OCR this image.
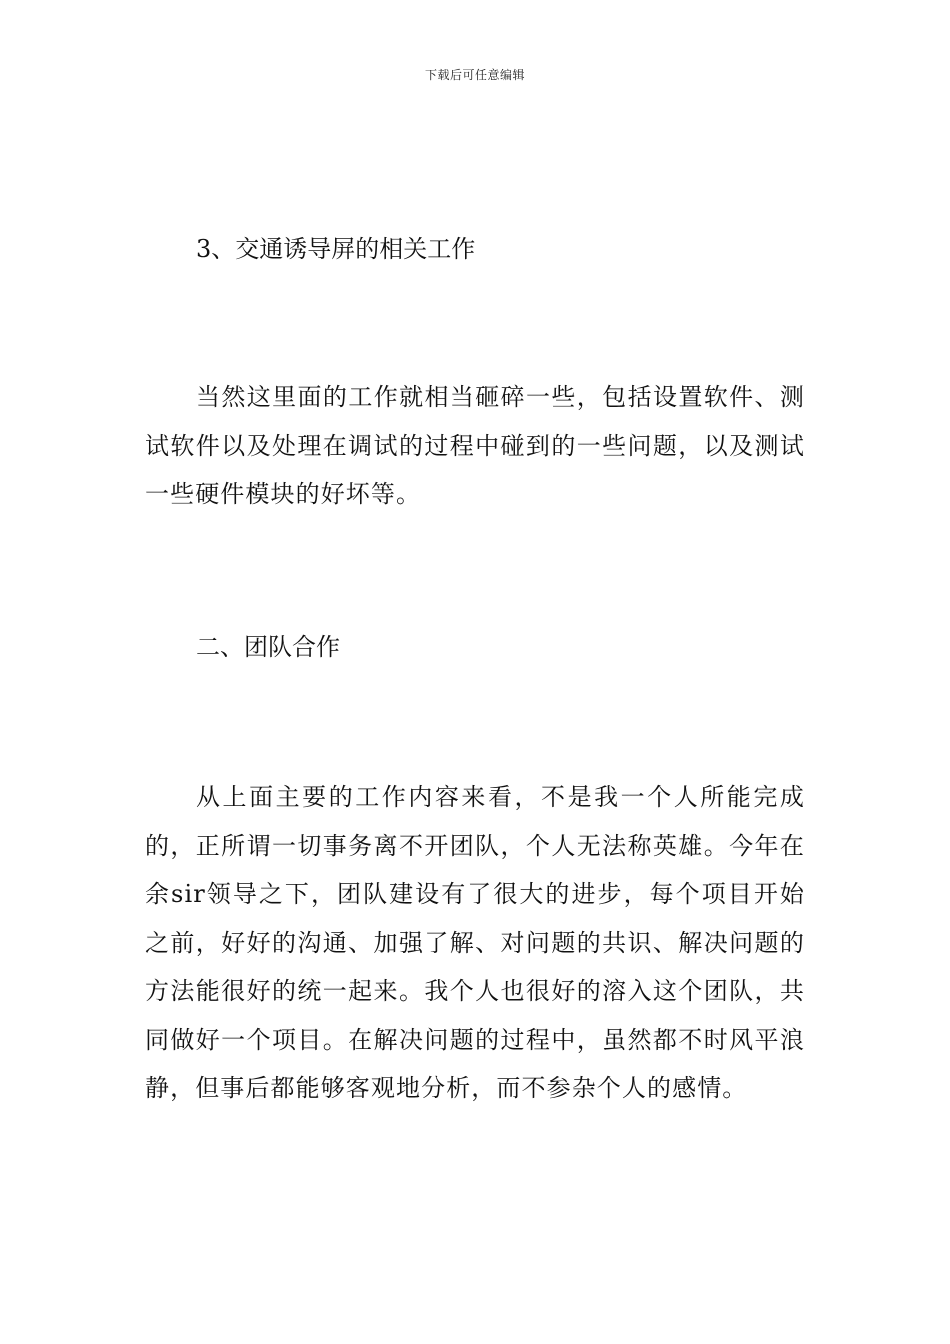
下载后可任意编辑
3、交通诱导屏的相关工作
当然这里面的工作就相当砸碎一些，包括设置软件、测试软件以及处理在调试的过程中碰到的一些问题，以及测试一些硬件模块的好坏等。
二、团队合作
从上面主要的工作内容来看，不是我一个人所能完成的，正所谓一切事务离不开团队，个人无法称英雄。今年在余sir领导之下，团队建设有了很大的进步，每个项目开始之前，好好的沟通、加强了解、对问题的共识、解决问题的方法能很好的统一起来。我个人也很好的溶入这个团队，共同做好一个项目。在解决问题的过程中，虽然都不时风平浪静，但事后都能够客观地分析，而不参杂个人的感情。
